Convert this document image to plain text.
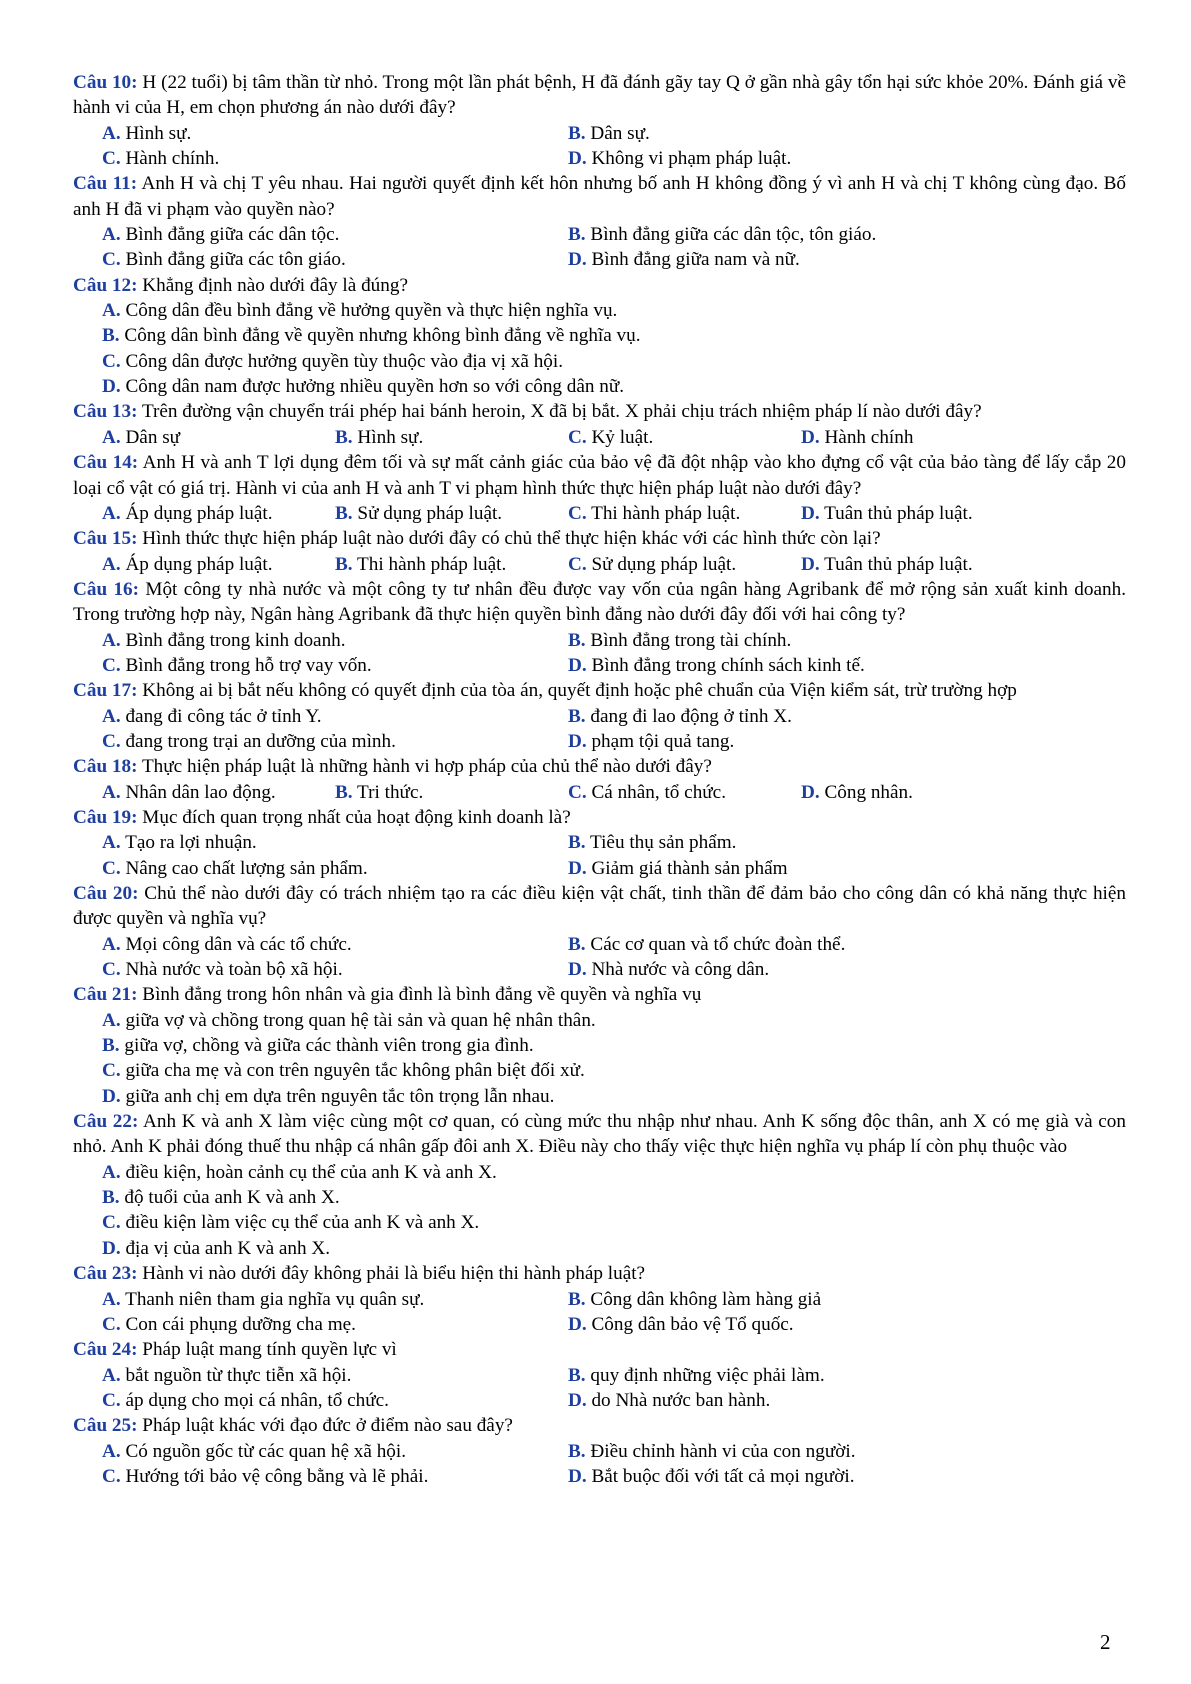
Câu 10: H (22 tuổi) bị tâm thần từ nhỏ. Trong một lần phát bệnh, H đã đánh gãy tay Q ở gần nhà gây tổn hại sức khỏe 20%. Đánh giá về hành vi của H, em chọn phương án nào dưới đây?

A. Hình sự.	B. Dân sự.
C. Hành chính.	D. Không vi phạm pháp luật.

Câu 11: Anh H và chị T yêu nhau. Hai người quyết định kết hôn nhưng bố anh H không đồng ý vì anh H và chị T không cùng đạo. Bố anh H đã vi phạm vào quyền nào?

A. Bình đẳng giữa các dân tộc.	B. Bình đẳng giữa các dân tộc, tôn giáo.
C. Bình đẳng giữa các tôn giáo.	D. Bình đẳng giữa nam và nữ.

Câu 12: Khẳng định nào dưới đây là đúng?

A. Công dân đều bình đẳng về hưởng quyền và thực hiện nghĩa vụ.
B. Công dân bình đẳng về quyền nhưng không bình đẳng về nghĩa vụ.
C. Công dân được hưởng quyền tùy thuộc vào địa vị xã hội.
D. Công dân nam được hưởng nhiều quyền hơn so với công dân nữ.

Câu 13: Trên đường vận chuyển trái phép hai bánh heroin, X đã bị bắt. X phải chịu trách nhiệm pháp lí nào dưới đây?

A. Dân sự	B. Hình sự.	C. Kỷ luật.	D. Hành chính

Câu 14: Anh H và anh T lợi dụng đêm tối và sự mất cảnh giác của bảo vệ đã đột nhập vào kho đựng cổ vật của bảo tàng để lấy cắp 20 loại cổ vật có giá trị. Hành vi của anh H và anh T vi phạm hình thức thực hiện pháp luật nào dưới đây?

A. Áp dụng pháp luật.	B. Sử dụng pháp luật.	C. Thi hành pháp luật.	D. Tuân thủ pháp luật.

Câu 15: Hình thức thực hiện pháp luật nào dưới đây có chủ thể thực hiện khác với các hình thức còn lại?

A. Áp dụng pháp luật.	B. Thi hành pháp luật.	C. Sử dụng pháp luật.	D. Tuân thủ pháp luật.

Câu 16: Một công ty nhà nước và một công ty tư nhân đều được vay vốn của ngân hàng Agribank để mở rộng sản xuất kinh doanh. Trong trường hợp này, Ngân hàng Agribank đã thực hiện quyền bình đẳng nào dưới đây đối với hai công ty?

A. Bình đẳng trong kinh doanh.	B. Bình đẳng trong tài chính.
C. Bình đẳng trong hỗ trợ vay vốn.	D. Bình đẳng trong chính sách kinh tế.

Câu 17: Không ai bị bắt nếu không có quyết định của tòa án, quyết định hoặc phê chuẩn của Viện kiểm sát, trừ trường hợp

A. đang đi công tác ở tỉnh Y.	B. đang đi lao động ở tỉnh X.
C. đang trong trại an dưỡng của mình.	D. phạm tội quả tang.

Câu 18: Thực hiện pháp luật là những hành vi hợp pháp của chủ thể nào dưới đây?

A. Nhân dân lao động.	B. Tri thức.	C. Cá nhân, tổ chức.	D. Công nhân.

Câu 19: Mục đích quan trọng nhất của hoạt động kinh doanh là?

A. Tạo ra lợi nhuận.	B. Tiêu thụ sản phẩm.
C. Nâng cao chất lượng sản phẩm.	D. Giảm giá thành sản phẩm

Câu 20: Chủ thể nào dưới đây có trách nhiệm tạo ra các điều kiện vật chất, tinh thần để đảm bảo cho công dân có khả năng thực hiện được quyền và nghĩa vụ?

A. Mọi công dân và các tổ chức.	B. Các cơ quan và tổ chức đoàn thể.
C. Nhà nước và toàn bộ xã hội.	D. Nhà nước và công dân.

Câu 21: Bình đẳng trong hôn nhân và gia đình là bình đẳng về quyền và nghĩa vụ

A. giữa vợ và chồng trong quan hệ tài sản và quan hệ nhân thân.
B. giữa vợ, chồng và giữa các thành viên trong gia đình.
C. giữa cha mẹ và con trên nguyên tắc không phân biệt đối xử.
D. giữa anh chị em dựa trên nguyên tắc tôn trọng lẫn nhau.

Câu 22: Anh K và anh X làm việc cùng một cơ quan, có cùng mức thu nhập như nhau. Anh K sống độc thân, anh X có mẹ già và con nhỏ. Anh K phải đóng thuế thu nhập cá nhân gấp đôi anh X. Điều này cho thấy việc thực hiện nghĩa vụ pháp lí còn phụ thuộc vào

A. điều kiện, hoàn cảnh cụ thể của anh K và anh X.
B. độ tuổi của anh K và anh X.
C. điều kiện làm việc cụ thể của anh K và anh X.
D. địa vị của anh K và anh X.

Câu 23: Hành vi nào dưới đây không phải là biểu hiện thi hành pháp luật?

A. Thanh niên tham gia nghĩa vụ quân sự.	B. Công dân không làm hàng giả
C. Con cái phụng dưỡng cha mẹ.	D. Công dân bảo vệ Tổ quốc.

Câu 24: Pháp luật mang tính quyền lực vì

A. bắt nguồn từ thực tiễn xã hội.	B. quy định những việc phải làm.
C. áp dụng cho mọi cá nhân, tổ chức.	D. do Nhà nước ban hành.

Câu 25: Pháp luật khác với đạo đức ở điểm nào sau đây?

A. Có nguồn gốc từ các quan hệ xã hội.	B. Điều chỉnh hành vi của con người.
C. Hướng tới bảo vệ công bằng và lẽ phải.	D. Bắt buộc đối với tất cả mọi người.
2
